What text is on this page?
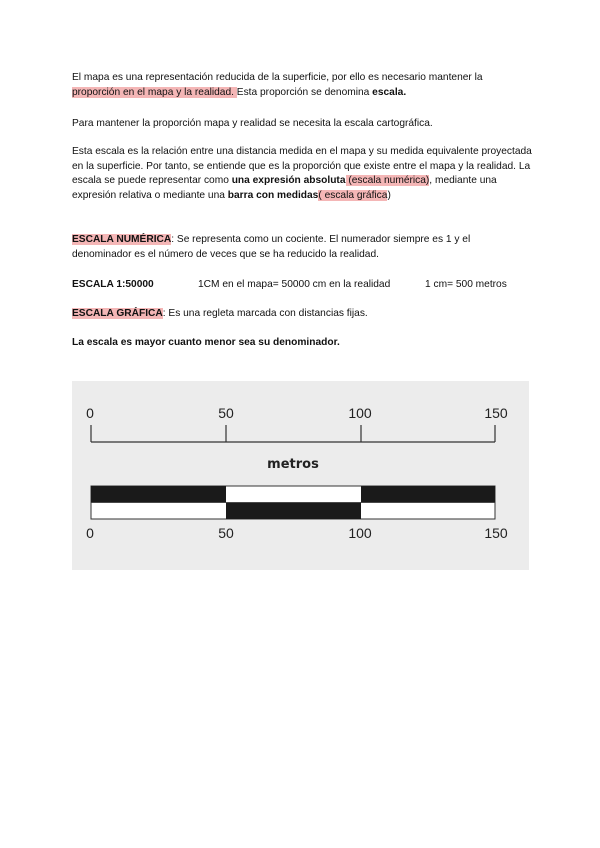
El mapa es una representación reducida de la superficie, por ello es necesario mantener la proporción en el mapa y la realidad. Esta proporción se denomina escala.

Para mantener la proporción mapa y realidad se necesita la escala cartográfica.

Esta escala es la relación entre una distancia medida en el mapa y su medida equivalente proyectada en la superficie. Por tanto, se entiende que es la proporción que existe entre el mapa y la realidad. La escala se puede representar como una expresión absoluta (escala numérica), mediante una expresión relativa o mediante una barra con medidas( escala gráfica)

ESCALA NUMÉRICA: Se representa como un cociente. El numerador siempre es 1 y el denominador es el número de veces que se ha reducido la realidad.

ESCALA 1:50000	1CM en el mapa= 50000 cm en la realidad	1 cm= 500 metros

ESCALA GRÁFICA: Es una regleta marcada con distancias fijas.

La escala es mayor cuanto menor sea su denominador.

0	50	100	150
metros
0	50	100	150
